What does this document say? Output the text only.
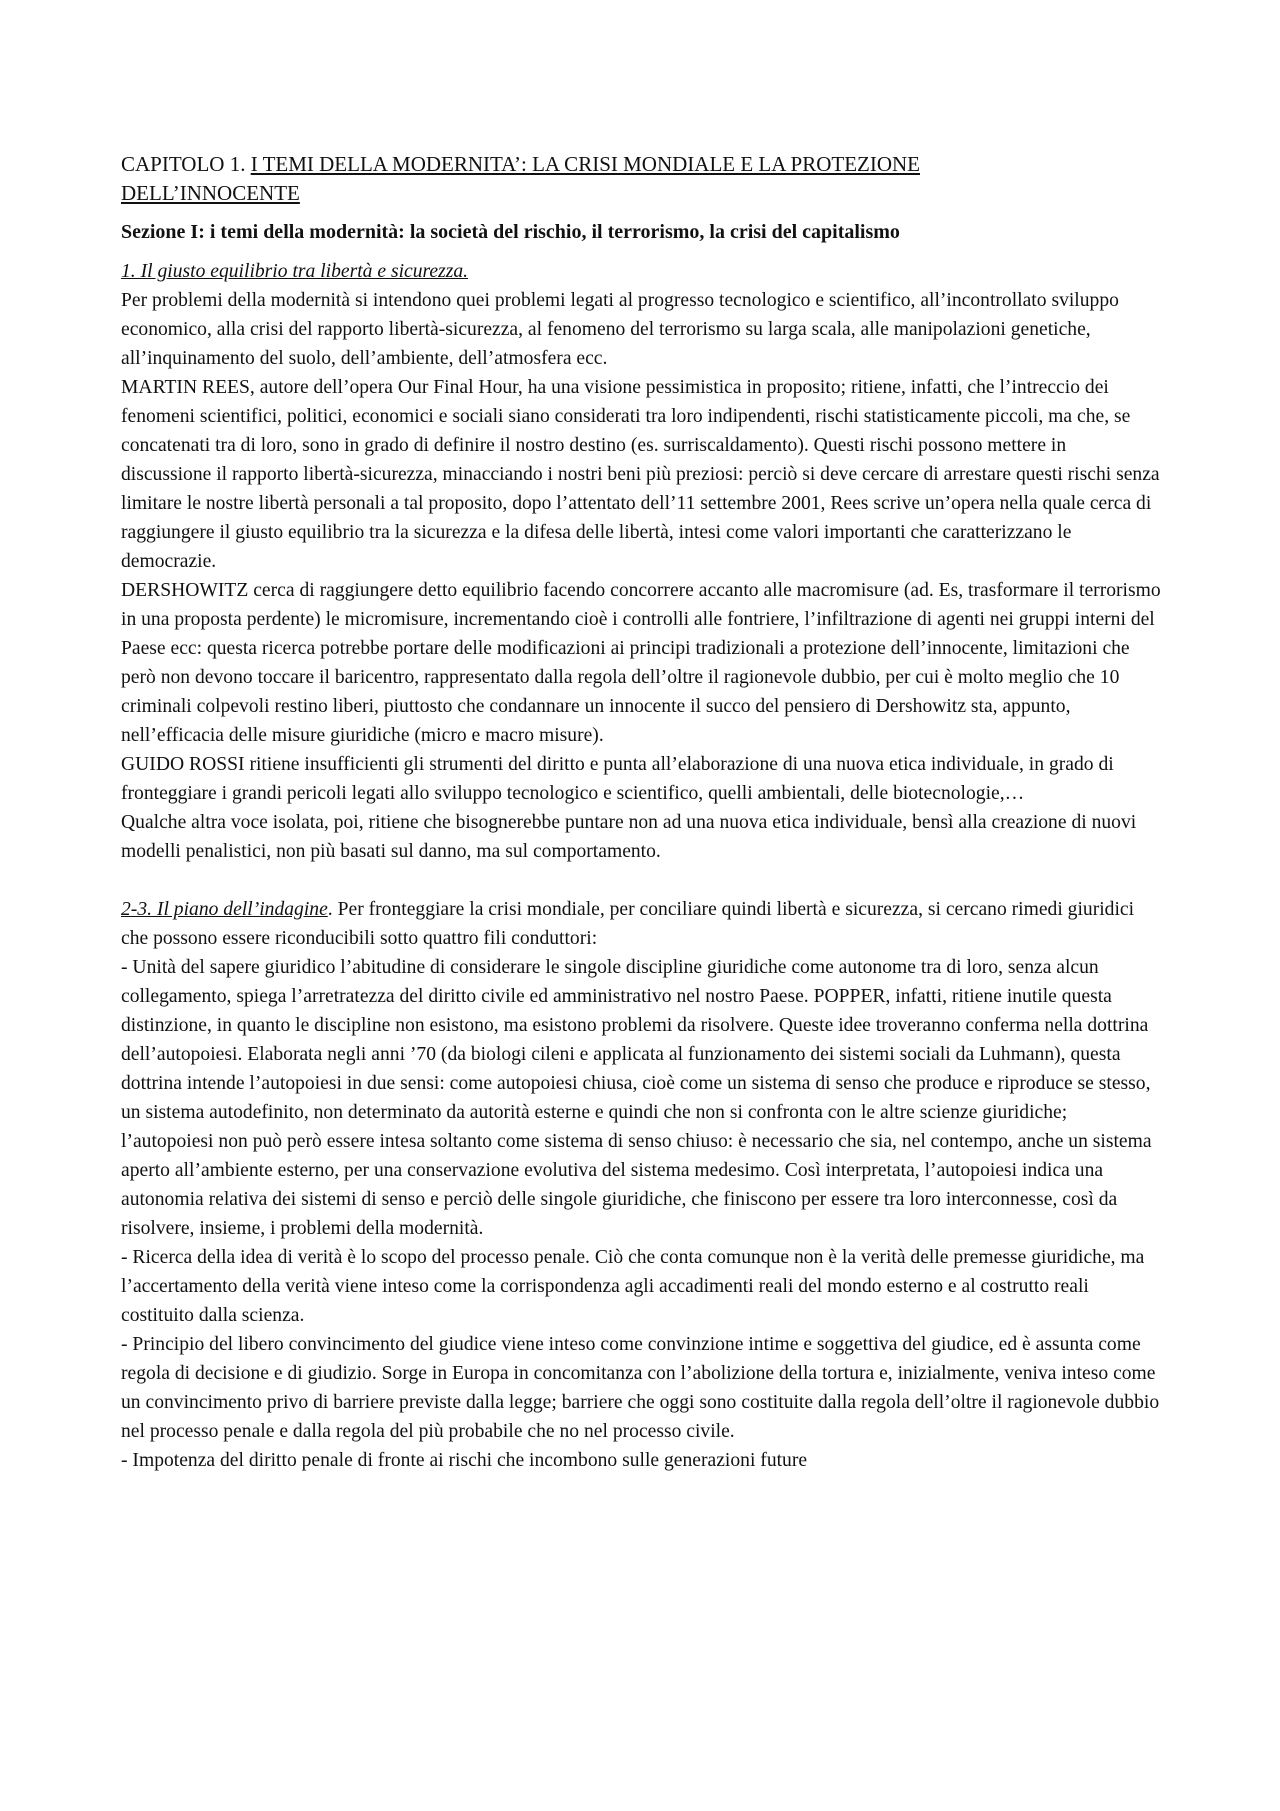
CAPITOLO 1. I TEMI DELLA MODERNITA’: LA CRISI MONDIALE E LA PROTEZIONE
DELL’INNOCENTE
Sezione I: i temi della modernità: la società del rischio, il terrorismo, la crisi del capitalismo

1. Il giusto equilibrio tra libertà e sicurezza.

Per problemi della modernità si intendono quei problemi legati al progresso tecnologico e scientifico, all’incontrollato sviluppo economico, alla crisi del rapporto libertà-sicurezza, al fenomeno del terrorismo su larga scala, alle manipolazioni genetiche, all’inquinamento del suolo, dell’ambiente, dell’atmosfera ecc.

MARTIN REES, autore dell’opera Our Final Hour, ha una visione pessimistica in proposito; ritiene, infatti, che l’intreccio dei fenomeni scientifici, politici, economici e sociali siano considerati tra loro indipendenti, rischi statisticamente piccoli, ma che, se concatenati tra di loro, sono in grado di definire il nostro destino (es. surriscaldamento). Questi rischi possono mettere in discussione il rapporto libertà-sicurezza, minacciando i nostri beni più preziosi: perciò si deve cercare di arrestare questi rischi senza limitare le nostre libertà personali a tal proposito, dopo l’attentato dell’11 settembre 2001, Rees scrive un’opera nella quale cerca di raggiungere il giusto equilibrio tra la sicurezza e la difesa delle libertà, intesi come valori importanti che caratterizzano le democrazie.

DERSHOWITZ cerca di raggiungere detto equilibrio facendo concorrere accanto alle macromisure (ad. Es, trasformare il terrorismo in una proposta perdente) le micromisure, incrementando cioè i controlli alle fontriere, l’infiltrazione di agenti nei gruppi interni del Paese ecc: questa ricerca potrebbe portare delle modificazioni ai principi tradizionali a protezione dell’innocente, limitazioni che però non devono toccare il baricentro, rappresentato dalla regola dell’oltre il ragionevole dubbio, per cui è molto meglio che 10 criminali colpevoli restino liberi, piuttosto che condannare un innocente il succo del pensiero di Dershowitz sta, appunto, nell’efficacia delle misure giuridiche (micro e macro misure).

GUIDO ROSSI ritiene insufficienti gli strumenti del diritto e punta all’elaborazione di una nuova etica individuale, in grado di fronteggiare i grandi pericoli legati allo sviluppo tecnologico e scientifico, quelli ambientali, delle biotecnologie,…

Qualche altra voce isolata, poi, ritiene che bisognerebbe puntare non ad una nuova etica individuale, bensì alla creazione di nuovi modelli penalistici, non più basati sul danno, ma sul comportamento.

2-3. Il piano dell’indagine. Per fronteggiare la crisi mondiale, per conciliare quindi libertà e sicurezza, si cercano rimedi giuridici che possono essere riconducibili sotto quattro fili conduttori:

- Unità del sapere giuridico l’abitudine di considerare le singole discipline giuridiche come autonome tra di loro, senza alcun collegamento, spiega l’arretratezza del diritto civile ed amministrativo nel nostro Paese. POPPER, infatti, ritiene inutile questa distinzione, in quanto le discipline non esistono, ma esistono problemi da risolvere. Queste idee troveranno conferma nella dottrina dell’autopoiesi. Elaborata negli anni ’70 (da biologi cileni e applicata al funzionamento dei sistemi sociali da Luhmann), questa dottrina intende l’autopoiesi in due sensi: come autopoiesi chiusa, cioè come un sistema di senso che produce e riproduce se stesso, un sistema autodefinito, non determinato da autorità esterne e quindi che non si confronta con le altre scienze giuridiche; l’autopoiesi non può però essere intesa soltanto come sistema di senso chiuso: è necessario che sia, nel contempo, anche un sistema aperto all’ambiente esterno, per una conservazione evolutiva del sistema medesimo. Così interpretata, l’autopoiesi indica una autonomia relativa dei sistemi di senso e perciò delle singole giuridiche, che finiscono per essere tra loro interconnesse, così da risolvere, insieme, i problemi della modernità.

- Ricerca della idea di verità è lo scopo del processo penale. Ciò che conta comunque non è la verità delle premesse giuridiche, ma l’accertamento della verità viene inteso come la corrispondenza agli accadimenti reali del mondo esterno e al costrutto reali costituito dalla scienza.

- Principio del libero convincimento del giudice viene inteso come convinzione intime e soggettiva del giudice, ed è assunta come regola di decisione e di giudizio. Sorge in Europa in concomitanza con l’abolizione della tortura e, inizialmente, veniva inteso come un convincimento privo di barriere previste dalla legge; barriere che oggi sono costituite dalla regola dell’oltre il ragionevole dubbio nel processo penale e dalla regola del più probabile che no nel processo civile.

- Impotenza del diritto penale di fronte ai rischi che incombono sulle generazioni future
